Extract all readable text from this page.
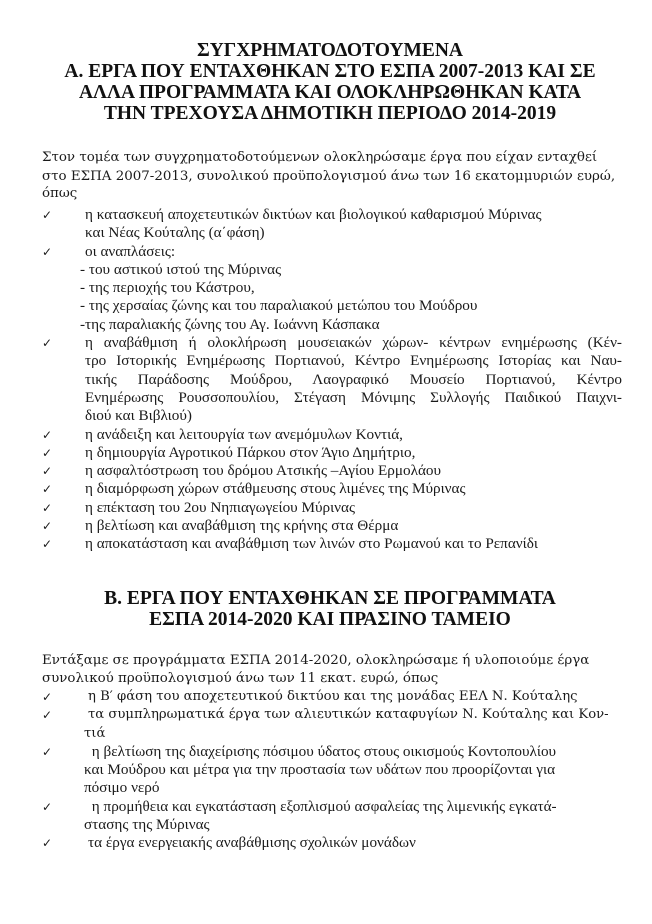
ΣΥΓΧΡΗΜΑΤΟΔΟΤΟΥΜΕΝΑ
Α. ΕΡΓΑ ΠΟΥ ΕΝΤΑΧΘΗΚΑΝ ΣΤΟ ΕΣΠΑ 2007-2013 ΚΑΙ ΣΕ
ΑΛΛΑ ΠΡΟΓΡΑΜΜΑΤΑ ΚΑΙ ΟΛΟΚΛΗΡΩΘΗΚΑΝ ΚΑΤΑ
ΤΗΝ ΤΡΕΧΟΥΣΑ ΔΗΜΟΤΙΚΗ ΠΕΡΙΟΔΟ 2014-2019
Στον τομέα των συγχρηματοδοτούμενων ολοκληρώσαμε έργα που είχαν ενταχθεί
στο ΕΣΠΑ 2007-2013, συνολικού προϋπολογισμού άνω των 16 εκατομμυριών ευρώ,
όπως
✓ η κατασκευή αποχετευτικών δικτύων και βιολογικού καθαρισμού Μύρινας
και Νέας Κούταλης (α΄φάση)
✓ οι αναπλάσεις:
- του αστικού ιστού της Μύρινας
- της περιοχής του Κάστρου,
- της χερσαίας ζώνης και του παραλιακού μετώπου του Μούδρου
-της παραλιακής ζώνης του Αγ. Ιωάννη Κάσπακα
✓ η αναβάθμιση ή ολοκλήρωση μουσειακών χώρων- κέντρων ενημέρωσης (Κέν-
τρο Ιστορικής Ενημέρωσης Πορτιανού, Κέντρο Ενημέρωσης Ιστορίας και Ναυ-
τικής Παράδοσης Μούδρου, Λαογραφικό Μουσείο Πορτιανού, Κέντρο
Ενημέρωσης Ρουσσοπουλίου, Στέγαση Μόνιμης Συλλογής Παιδικού Παιχνι-
διού και Βιβλιού)
✓ η ανάδειξη και λειτουργία των ανεμόμυλων Κοντιά,
✓ η δημιουργία Αγροτικού Πάρκου στον Άγιο Δημήτριο,
✓ η ασφαλτόστρωση του δρόμου Ατσικής –Αγίου Ερμολάου
✓ η διαμόρφωση χώρων στάθμευσης στους λιμένες της Μύρινας
✓ η επέκταση του 2ου Νηπιαγωγείου Μύρινας
✓ η βελτίωση και αναβάθμιση της κρήνης στα Θέρμα
✓ η αποκατάσταση και αναβάθμιση των λινών στο Ρωμανού και το Ρεπανίδι
Β. ΕΡΓΑ ΠΟΥ ΕΝΤΑΧΘΗΚΑΝ ΣΕ ΠΡΟΓΡΑΜΜΑΤΑ
ΕΣΠΑ 2014-2020 ΚΑΙ ΠΡΑΣΙΝΟ ΤΑΜΕΙΟ
Εντάξαμε σε προγράμματα ΕΣΠΑ 2014-2020, ολοκληρώσαμε ή υλοποιούμε έργα
συνολικού προϋπολογισμού άνω των 11 εκατ. ευρώ, όπως
✓	η Β′ φάση του αποχετευτικού δικτύου και της μονάδας ΕΕΛ Ν. Κούταλης
✓	τα συμπληρωματικά έργα των αλιευτικών καταφυγίων Ν. Κούταλης και Κον-
τιά
✓ η βελτίωση της διαχείρισης πόσιμου ύδατος στους οικισμούς Κοντοπουλίου
και Μούδρου και μέτρα για την προστασία των υδάτων που προορίζονται για
πόσιμο νερό
✓ η προμήθεια και εγκατάσταση εξοπλισμού ασφαλείας της λιμενικής εγκατά-
στασης της Μύρινας
✓ τα έργα ενεργειακής αναβάθμισης σχολικών μονάδων
